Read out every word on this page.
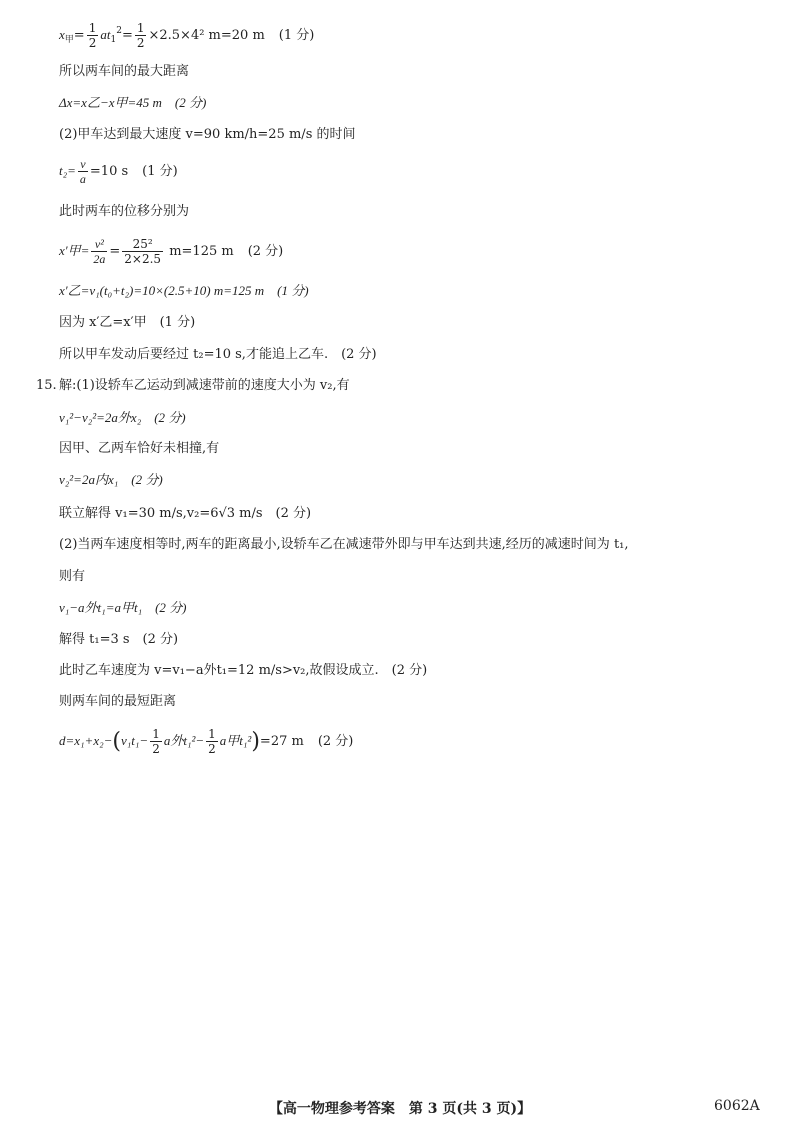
$x_甲= \frac{1}{2} at_1^2= \frac{1}{2} \times 2.5\times 4^2$ m=20 m (1 分)
所以两车间的最大距离
Δx=x乙−x甲=45 m　(2 分)
(2)甲车达到最大速度 v=90 km/h=25 m/s 的时间
$t_2= \frac{v}{a} =10$ s (1 分)
此时两车的位移分别为
x′甲= $\frac{\text{v²}}{2a} = \frac{\text{25²}}{2\times 2.5} m=125$ m (2 分)
x′乙=v₁(t₀+t₂)=10×(2.5+10) m=125 m　(1 分)
因为 x′乙=x′甲　(1 分)
所以甲车发动后要经过 t₂=10 s,才能追上乙车.　(2 分)
15. 解:(1)设轿车乙运动到减速带前的速度大小为 v₂,有
v₁²−v₂²=2a外x₂　(2 分)
因甲、乙两车恰好未相撞,有
v₂²=2a内x₁　(2 分)
联立解得 v₁=30 m/s,v₂=6√3 m/s　(2 分)
(2)当两车速度相等时,两车的距离最小,设轿车乙在减速带外即与甲车达到共速,经历的减速时间为 t₁,
则有
v₁−a外t₁=a甲t₁　(2 分)
解得 t₁=3 s　(2 分)
此时乙车速度为 v=v₁−a外t₁=12 m/s>v₂,故假设成立.　(2 分)
则两车间的最短距离
$d=x_1+x_2-(v_1t_1- \frac{1}{2}$ a外$t_1^2- \frac{1}{2}$ a甲t₁²)=27 m (2 分)
【高一物理参考答案　第 3 页(共 3 页)】	6062A
